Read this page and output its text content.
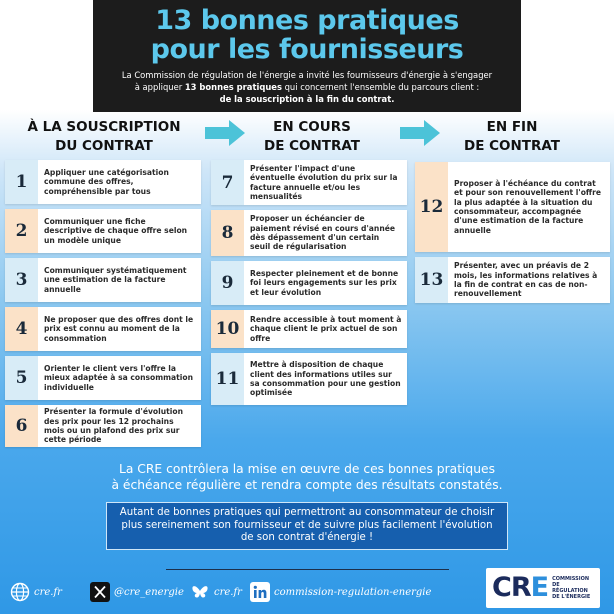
13 bonnes pratiques
pour les fournisseurs
La Commission de régulation de l'énergie a invité les fournisseurs d'énergie à s'engager
à appliquer 13 bonnes pratiques qui concernent l'ensemble du parcours client :
de la souscription à la fin du contrat.
À LA SOUSCRIPTION
DU CONTRAT
EN COURS
DE CONTRAT
EN FIN
DE CONTRAT
1	Appliquer une catégorisation commune des offres, compréhensible par tous
2	Communiquer une fiche descriptive de chaque offre selon un modèle unique
3	Communiquer systématiquement une estimation de la facture annuelle
4	Ne proposer que des offres dont le prix est connu au moment de la consommation
5	Orienter le client vers l'offre la mieux adaptée à sa consommation individuelle
6
Présenter la formule d'évolution des prix pour les 12 prochains mois ou un plafond des prix sur cette période
7
Présenter l'impact d'une éventuelle évolution du prix sur la facture annuelle et/ou les mensualités
8
Proposer un échéancier de paiement révisé en cours d'année dès dépassement d'un certain seuil de régularisation
9	Respecter pleinement et de bonne foi leurs engagements sur les prix et leur évolution
10	Rendre accessible à tout moment à chaque client le prix actuel de son offre
11
Mettre à disposition de chaque client des informations utiles sur sa consommation pour une gestion optimisée
12
Proposer à l'échéance du contrat et pour son renouvellement l'offre la plus adaptée à la situation du consommateur, accompagnée d'une estimation de la facture annuelle
13
Présenter, avec un préavis de 2 mois, les informations relatives à la fin de contrat en cas de non-renouvellement
La CRE contrôlera la mise en œuvre de ces bonnes pratiques
à échéance régulière et rendra compte des résultats constatés.
Autant de bonnes pratiques qui permettront au consommateur de choisir plus sereinement son fournisseur et de suivre plus facilement l'évolution de son contrat d'énergie !
cre.fr	@cre_energie	cre.fr	commission-regulation-energie CRE COMMISSION DE RÉGULATION DE L'ÉNERGIE
